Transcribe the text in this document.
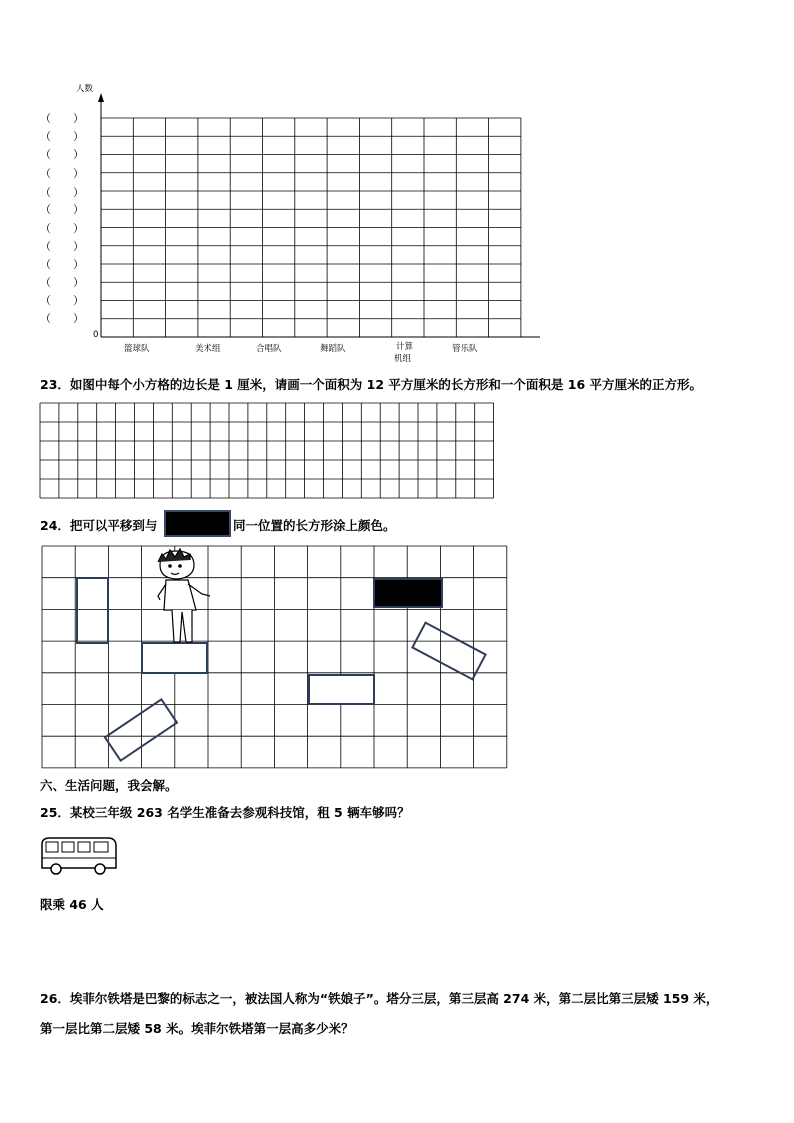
人数
0
（　　）
（　　）
（　　）
（　　）
（　　）
（　　）
（　　）
（　　）
（　　）
（　　）
（　　）
（　　）
篮球队	美术组	合唱队	舞蹈队	计算
机组
管乐队
23．如图中每个小方格的边长是 1 厘米，请画一个面积为 12 平方厘米的长方形和一个面积是 16 平方厘米的正方形。
24．把可以平移到与	同一位置的长方形涂上颜色。
六、生活问题，我会解。
25．某校三年级 263 名学生准备去参观科技馆，租 5 辆车够吗？
限乘 46 人
26．埃菲尔铁塔是巴黎的标志之一，被法国人称为“铁娘子”。塔分三层，第三层高 274 米，第二层比第三层矮 159 米，
第一层比第二层矮 58 米。埃菲尔铁塔第一层高多少米？
